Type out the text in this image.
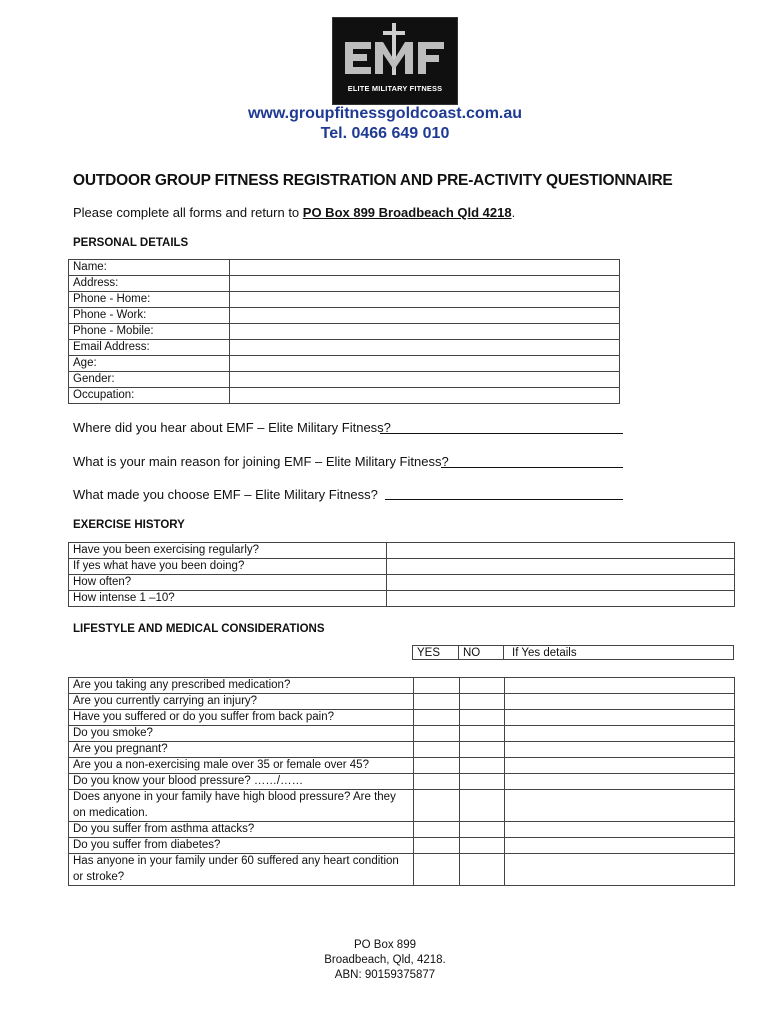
ELITE MILITARY FITNESS
www.groupfitnessgoldcoast.com.au
Tel. 0466 649 010
OUTDOOR GROUP FITNESS REGISTRATION AND PRE-ACTIVITY QUESTIONNAIRE
Please complete all forms and return to PO Box 899 Broadbeach Qld 4218.
PERSONAL DETAILS
Name:	
Address:	
Phone - Home:	
Phone - Work:	
Phone - Mobile:	
Email Address:	
Age:	
Gender:	
Occupation:	
Where did you hear about EMF – Elite Military Fitness?
What is your main reason for joining EMF – Elite Military Fitness?
What made you choose EMF – Elite Military Fitness?
EXERCISE HISTORY
Have you been exercising regularly?	
If yes what have you been doing?	
How often?	
How intense 1 –10?	
LIFESTYLE AND MEDICAL CONSIDERATIONS
YES	NO	If Yes details
Are you taking any prescribed medication?			
Are you currently carrying an injury?			
Have you suffered or do you suffer from back pain?			
Do you smoke?			
Are you pregnant?			
Are you a non-exercising male over 35 or female over 45?			
Do you know your blood pressure? ……/……			
Does anyone in your family have high blood pressure? Are they on medication.			
Do you suffer from asthma attacks?			
Do you suffer from diabetes?			
Has anyone in your family under 60 suffered any heart condition or stroke?			
PO Box 899
Broadbeach, Qld, 4218.
ABN: 90159375877
